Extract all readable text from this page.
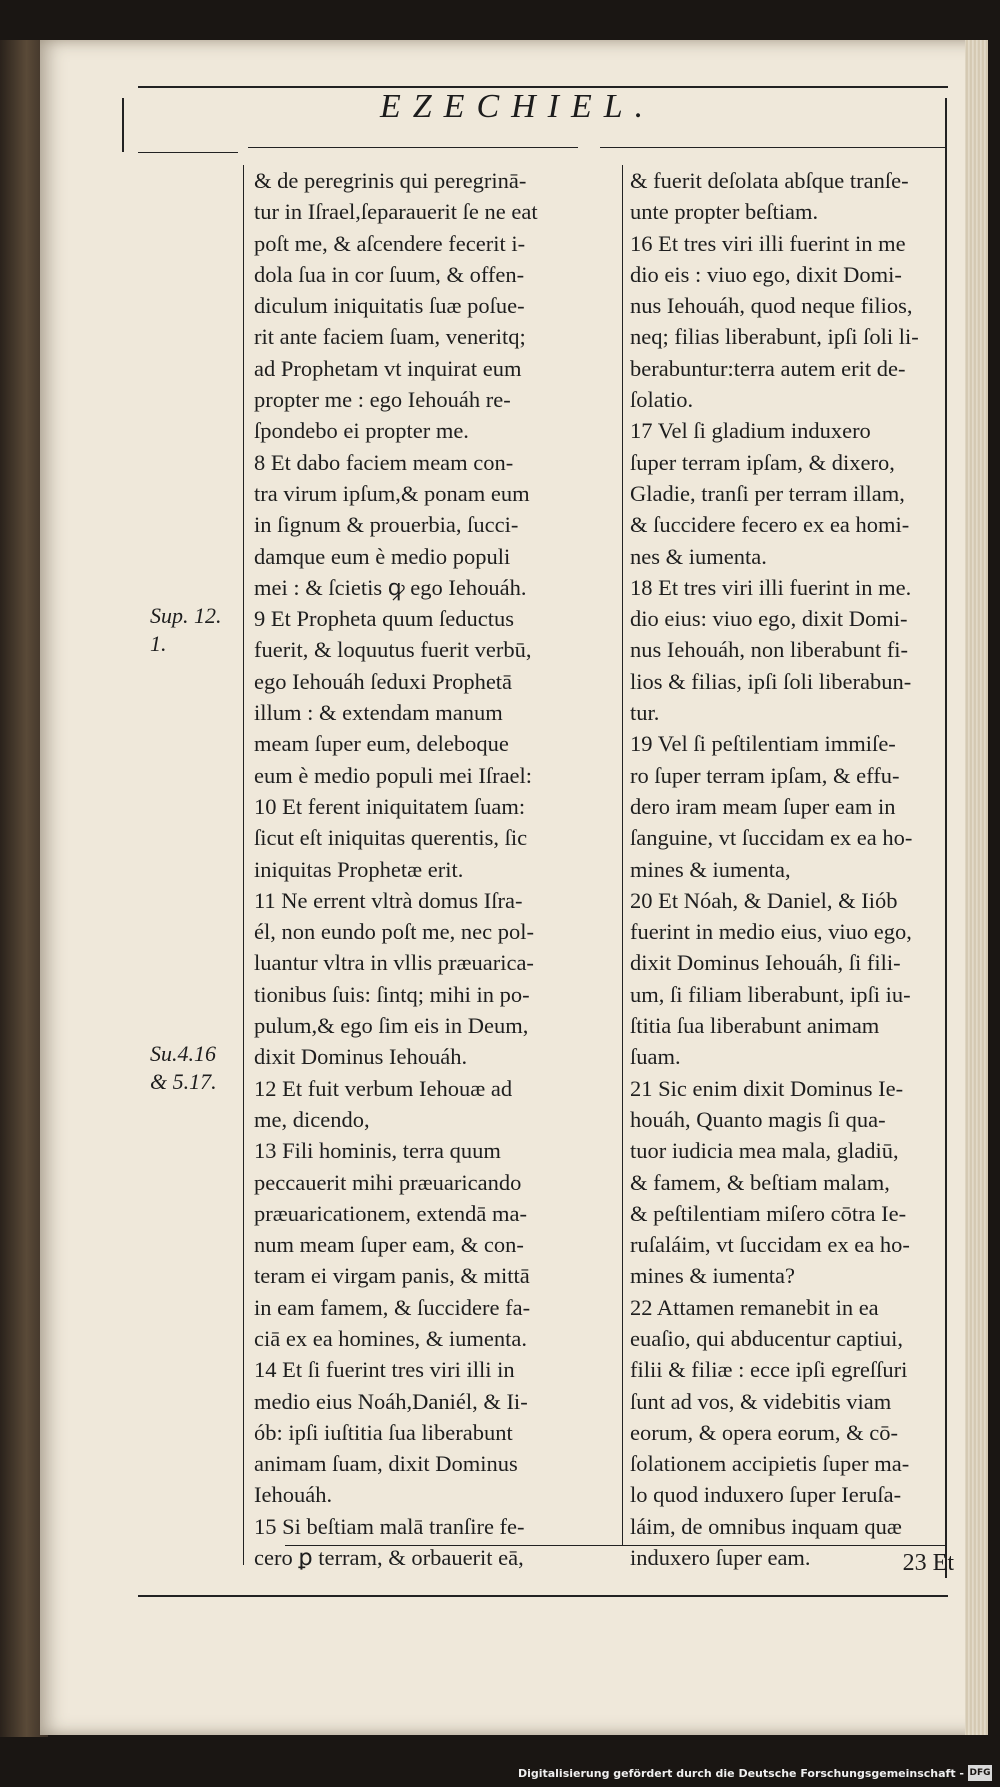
EZECHIEL.
Sup. 12.
1.
Su.4.16
& 5.17.
& de peregrinis qui peregrinā-
tur in Iſrael,ſeparauerit ſe ne eat
poſt me, & aſcendere fecerit i-
dola ſua in cor ſuum, & offen-
diculum iniquitatis ſuæ poſue-
rit ante faciem ſuam, veneritq;
ad Prophetam vt inquirat eum
propter me : ego Iehouáh re-
ſpondebo ei propter me.
8 Et dabo faciem meam con-
tra virum ipſum,& ponam eum
in ſignum & prouerbia, ſucci-
damque eum è medio populi
mei : & ſcietis ꝙ ego Iehouáh.
9 Et Propheta quum ſeductus
fuerit, & loquutus fuerit verbū,
ego Iehouáh ſeduxi Prophetā
illum : & extendam manum
meam ſuper eum, deleboque
eum è medio populi mei Iſrael:
10 Et ferent iniquitatem ſuam:
ſicut eſt iniquitas querentis, ſic
iniquitas Prophetæ erit.
11 Ne errent vltrà domus Iſra-
él, non eundo poſt me, nec pol-
luantur vltra in vllis præuarica-
tionibus ſuis: ſintq; mihi in po-
pulum,& ego ſim eis in Deum,
dixit Dominus Iehouáh.
12 Et fuit verbum Iehouæ ad
me, dicendo,
13 Fili hominis, terra quum
peccauerit mihi præuaricando
præuaricationem, extendā ma-
num meam ſuper eam, & con-
teram ei virgam panis, & mittā
in eam famem, & ſuccidere fa-
ciā ex ea homines, & iumenta.
14 Et ſi fuerint tres viri illi in
medio eius Noáh,Daniél, & Ii-
ób: ipſi iuſtitia ſua liberabunt
animam ſuam, dixit Dominus
Iehouáh.
15 Si beſtiam malā tranſire fe-
cero ꝑ terram, & orbauerit eā,
& fuerit deſolata abſque tranſe-
unte propter beſtiam.
16 Et tres viri illi fuerint in me
dio eis : viuo ego, dixit Domi-
nus Iehouáh, quod neque filios,
neq; filias liberabunt, ipſi ſoli li-
berabuntur:terra autem erit de-
ſolatio.
17 Vel ſi gladium induxero
ſuper terram ipſam, & dixero,
Gladie, tranſi per terram illam,
& ſuccidere fecero ex ea homi-
nes & iumenta.
18 Et tres viri illi fuerint in me.
dio eius: viuo ego, dixit Domi-
nus Iehouáh, non liberabunt fi-
lios & filias, ipſi ſoli liberabun-
tur.
19 Vel ſi peſtilentiam immiſe-
ro ſuper terram ipſam, & effu-
dero iram meam ſuper eam in
ſanguine, vt ſuccidam ex ea ho-
mines & iumenta,
20 Et Nóah, & Daniel, & Iiób
fuerint in medio eius, viuo ego,
dixit Dominus Iehouáh, ſi fili-
um, ſi filiam liberabunt, ipſi iu-
ſtitia ſua liberabunt animam
ſuam.
21 Sic enim dixit Dominus Ie-
houáh, Quanto magis ſi qua-
tuor iudicia mea mala, gladiū,
& famem, & beſtiam malam,
& peſtilentiam miſero cōtra Ie-
ruſaláim, vt ſuccidam ex ea ho-
mines & iumenta?
22 Attamen remanebit in ea
euaſio, qui abducentur captiui,
filii & filiæ : ecce ipſi egreſſuri
ſunt ad vos, & videbitis viam
eorum, & opera eorum, & cō-
ſolationem accipietis ſuper ma-
lo quod induxero ſuper Ieruſa-
láim, de omnibus inquam quæ
induxero ſuper eam.	23 Et
Digitalisierung gefördert durch die Deutsche Forschungsgemeinschaft - DFG
